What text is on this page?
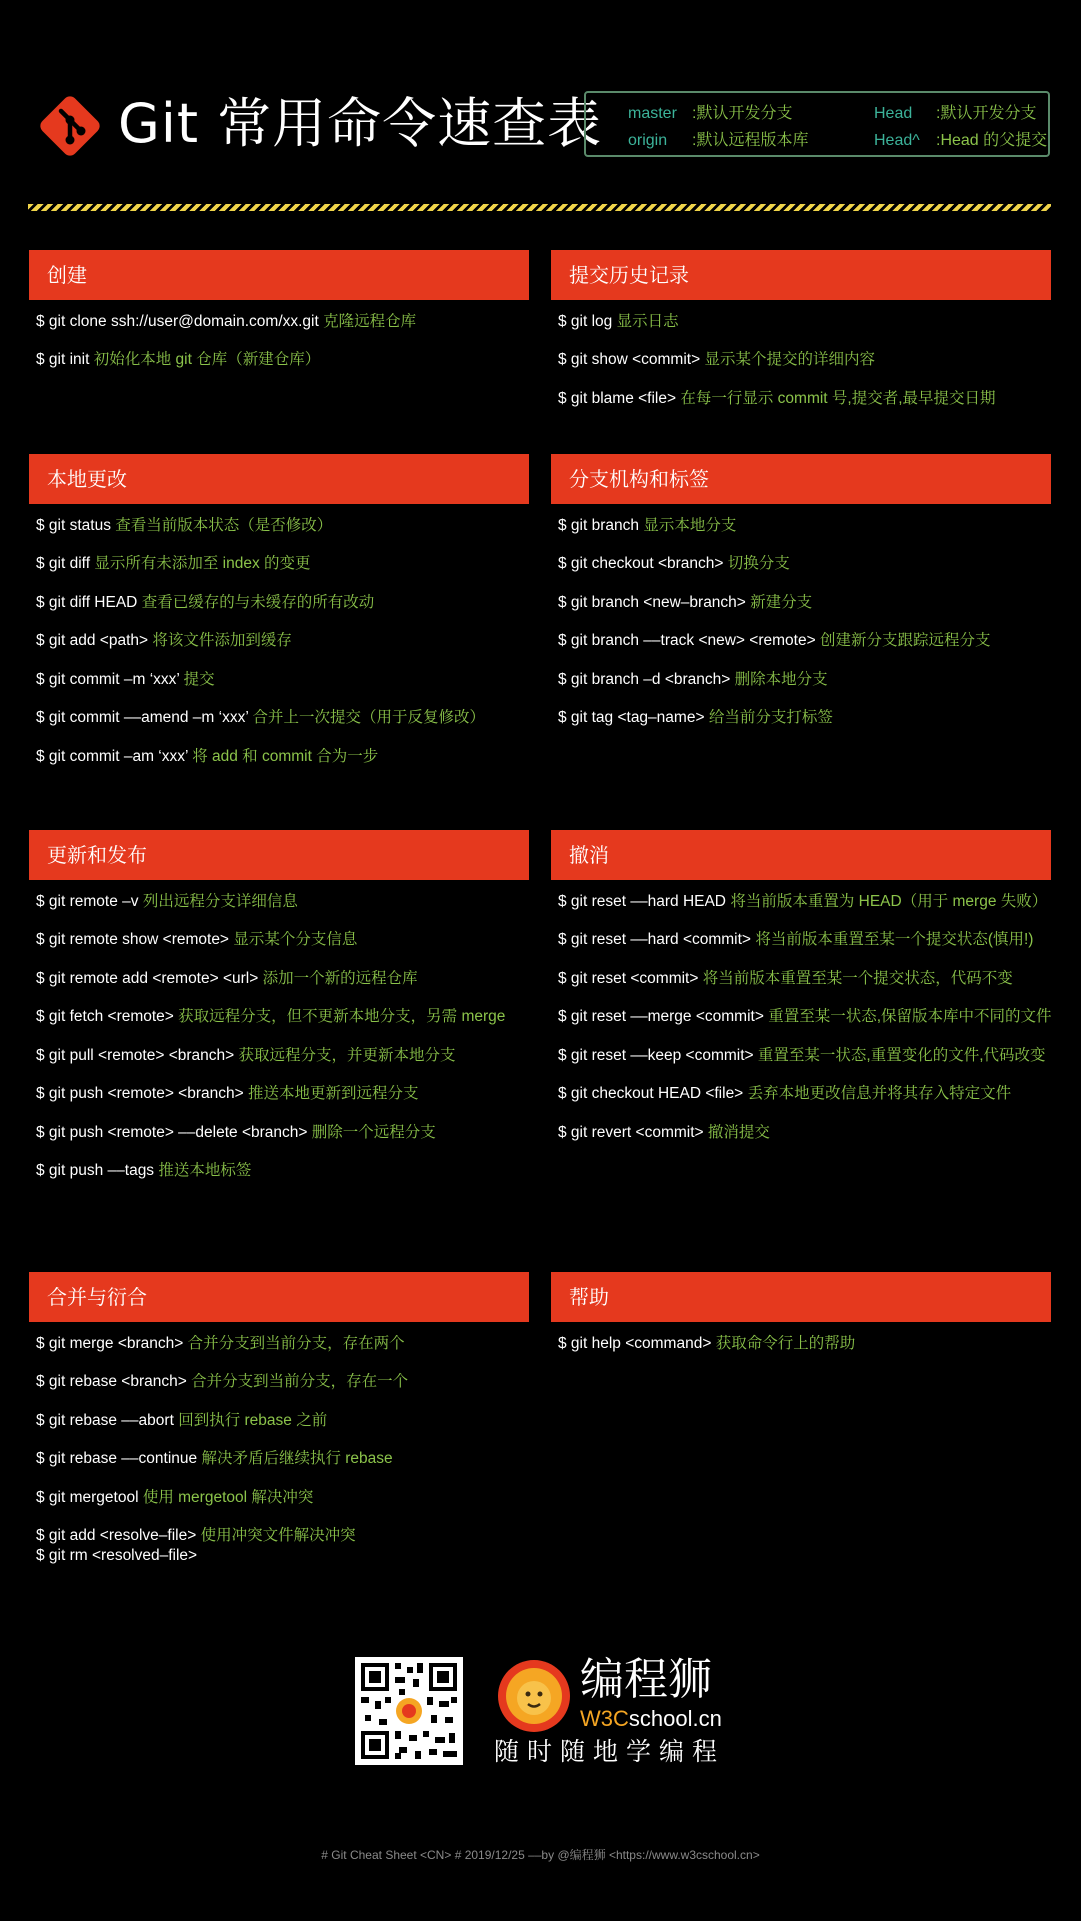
Git 常用命令速查表 master :默认开发分支
origin :默认远程版本库
Head :默认开发分支
Head^ :Head 的父提交
创建
$ git clone ssh://user@domain.com/xx.git 克隆远程仓库
$ git init 初始化本地 git 仓库（新建仓库）
提交历史记录
$ git log 显示日志
$ git show <commit> 显示某个提交的详细内容
$ git blame <file> 在每一行显示 commit 号,提交者,最早提交日期
本地更改
$ git status 查看当前版本状态（是否修改）
$ git diff 显示所有未添加至 index 的变更
$ git diff HEAD 查看已缓存的与未缓存的所有改动
$ git add <path> 将该文件添加到缓存
$ git commit –m ‘xxx’ 提交
$ git commit ––amend –m ‘xxx’ 合并上一次提交（用于反复修改）
$ git commit –am ‘xxx’ 将 add 和 commit 合为一步
分支机构和标签
$ git branch 显示本地分支
$ git checkout <branch> 切换分支
$ git branch <new–branch> 新建分支
$ git branch ––track <new> <remote> 创建新分支跟踪远程分支
$ git branch –d <branch> 删除本地分支
$ git tag <tag–name> 给当前分支打标签
更新和发布
$ git remote –v 列出远程分支详细信息
$ git remote show <remote> 显示某个分支信息
$ git remote add <remote> <url> 添加一个新的远程仓库
$ git fetch <remote> 获取远程分支，但不更新本地分支，另需 merge
$ git pull <remote> <branch> 获取远程分支，并更新本地分支
$ git push <remote> <branch> 推送本地更新到远程分支
$ git push <remote> ––delete <branch> 删除一个远程分支
$ git push ––tags 推送本地标签
撤消
$ git reset ––hard HEAD 将当前版本重置为 HEAD（用于 merge 失败）
$ git reset ––hard <commit> 将当前版本重置至某一个提交状态(慎用!)
$ git reset <commit> 将当前版本重置至某一个提交状态，代码不变
$ git reset ––merge <commit> 重置至某一状态,保留版本库中不同的文件
$ git reset ––keep <commit> 重置至某一状态,重置变化的文件,代码改变
$ git checkout HEAD <file> 丢弃本地更改信息并将其存入特定文件
$ git revert <commit> 撤消提交
合并与衍合
$ git merge <branch> 合并分支到当前分支，存在两个
$ git rebase <branch> 合并分支到当前分支，存在一个
$ git rebase ––abort 回到执行 rebase 之前
$ git rebase ––continue 解决矛盾后继续执行 rebase
$ git mergetool 使用 mergetool 解决冲突
$ git add <resolve–file> 使用冲突文件解决冲突
$ git rm <resolved–file>
帮助
$ git help <command> 获取命令行上的帮助
编程狮
W3Cschool.cn
随时随地学编程
# Git Cheat Sheet <CN> # 2019/12/25 ––by @编程狮 <https://www.w3cschool.cn>
